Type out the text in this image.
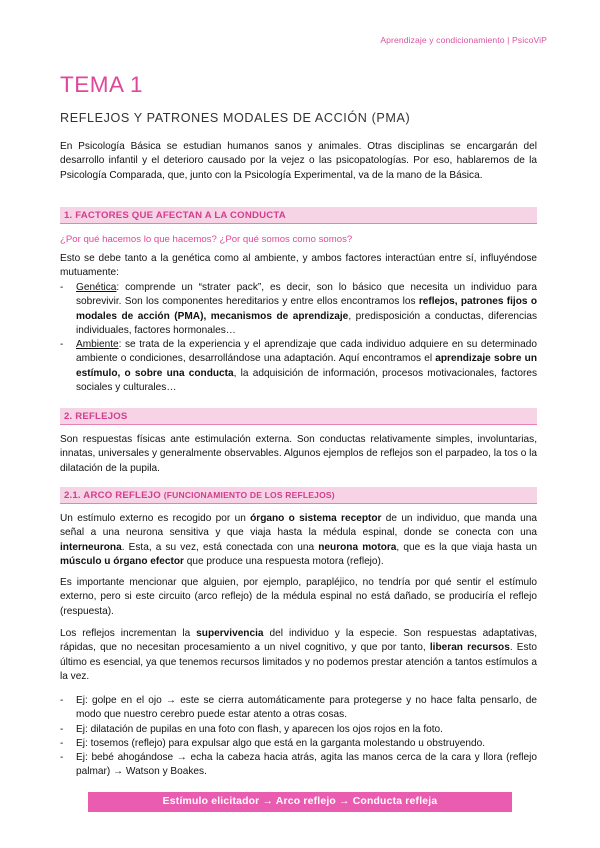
Aprendizaje y condicionamiento | PsicoViP
TEMA 1
REFLEJOS Y PATRONES MODALES DE ACCIÓN (PMA)
En Psicología Básica se estudian humanos sanos y animales. Otras disciplinas se encargarán del desarrollo infantil y el deterioro causado por la vejez o las psicopatologías. Por eso, hablaremos de la Psicología Comparada, que, junto con la Psicología Experimental, va de la mano de la Básica.
1. FACTORES QUE AFECTAN A LA CONDUCTA
¿Por qué hacemos lo que hacemos? ¿Por qué somos como somos?
Esto se debe tanto a la genética como al ambiente, y ambos factores interactúan entre sí, influyéndose mutuamente:
- Genética: comprende un “strater pack”, es decir, son lo básico que necesita un individuo para sobrevivir. Son los componentes hereditarios y entre ellos encontramos los reflejos, patrones fijos o modales de acción (PMA), mecanismos de aprendizaje, predisposición a conductas, diferencias individuales, factores hormonales…
- Ambiente: se trata de la experiencia y el aprendizaje que cada individuo adquiere en su determinado ambiente o condiciones, desarrollándose una adaptación. Aquí encontramos el aprendizaje sobre un estímulo, o sobre una conducta, la adquisición de información, procesos motivacionales, factores sociales y culturales…
2. REFLEJOS
Son respuestas físicas ante estimulación externa. Son conductas relativamente simples, involuntarias, innatas, universales y generalmente observables. Algunos ejemplos de reflejos son el parpadeo, la tos o la dilatación de la pupila.
2.1. ARCO REFLEJO (FUNCIONAMIENTO DE LOS REFLEJOS)
Un estímulo externo es recogido por un órgano o sistema receptor de un individuo, que manda una señal a una neurona sensitiva y que viaja hasta la médula espinal, donde se conecta con una interneurona. Esta, a su vez, está conectada con una neurona motora, que es la que viaja hasta un músculo u órgano efector que produce una respuesta motora (reflejo).
Es importante mencionar que alguien, por ejemplo, parapléjico, no tendría por qué sentir el estímulo externo, pero si este circuito (arco reflejo) de la médula espinal no está dañado, se produciría el reflejo (respuesta).
Los reflejos incrementan la supervivencia del individuo y la especie. Son respuestas adaptativas, rápidas, que no necesitan procesamiento a un nivel cognitivo, y que por tanto, liberan recursos. Esto último es esencial, ya que tenemos recursos limitados y no podemos prestar atención a tantos estímulos a la vez.
- Ej: golpe en el ojo → este se cierra automáticamente para protegerse y no hace falta pensarlo, de modo que nuestro cerebro puede estar atento a otras cosas.
- Ej: dilatación de pupilas en una foto con flash, y aparecen los ojos rojos en la foto.
- Ej: tosemos (reflejo) para expulsar algo que está en la garganta molestando u obstruyendo.
- Ej: bebé ahogándose → echa la cabeza hacia atrás, agita las manos cerca de la cara y llora (reflejo palmar) → Watson y Boakes.
Estímulo elicitador → Arco reflejo → Conducta refleja
